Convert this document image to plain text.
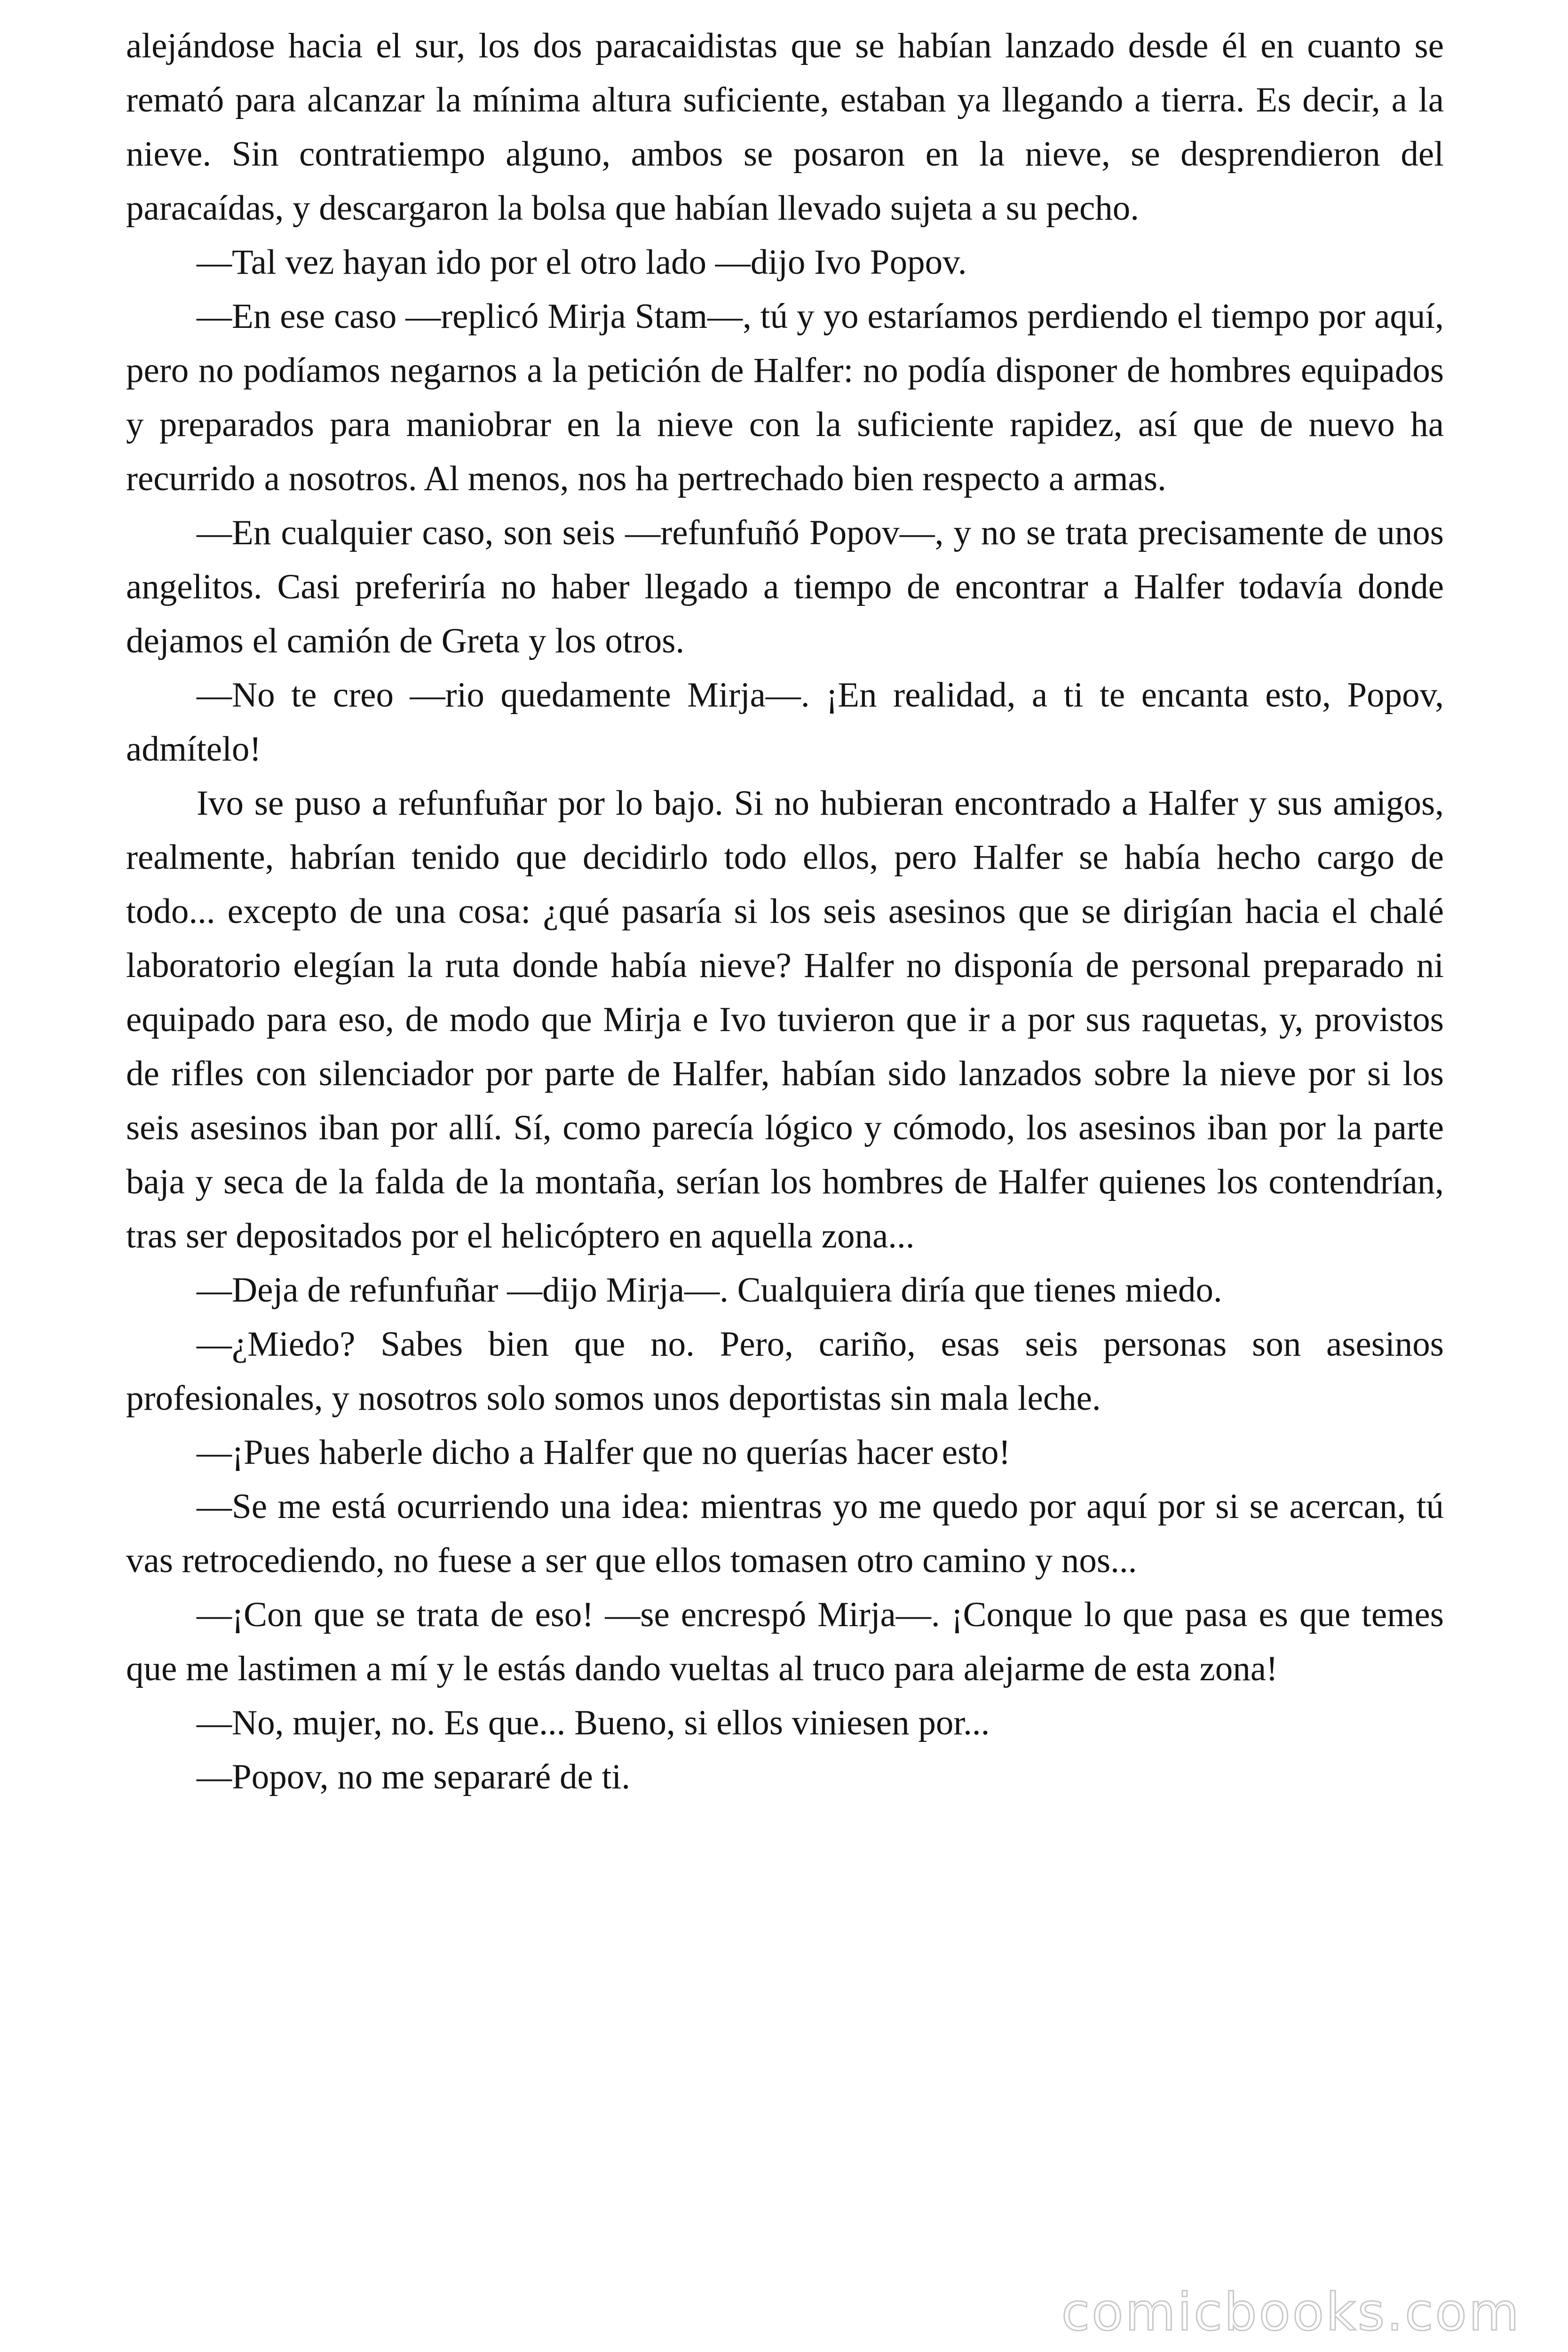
alejándose hacia el sur, los dos paracaidistas que se habían lanzado desde él en cuanto se remató para alcanzar la mínima altura suficiente, estaban ya llegando a tierra. Es decir, a la nieve. Sin contratiempo alguno, ambos se posaron en la nieve, se desprendieron del paracaídas, y descargaron la bolsa que habían llevado sujeta a su pecho.

—Tal vez hayan ido por el otro lado —dijo Ivo Popov.

—En ese caso —replicó Mirja Stam—, tú y yo estaríamos perdiendo el tiempo por aquí, pero no podíamos negarnos a la petición de Halfer: no podía disponer de hombres equipados y preparados para maniobrar en la nieve con la suficiente rapidez, así que de nuevo ha recurrido a nosotros. Al menos, nos ha pertrechado bien respecto a armas.

—En cualquier caso, son seis —refunfuñó Popov—, y no se trata precisamente de unos angelitos. Casi preferiría no haber llegado a tiempo de encontrar a Halfer todavía donde dejamos el camión de Greta y los otros.

—No te creo —rio quedamente Mirja—. ¡En realidad, a ti te encanta esto, Popov, admítelo!

Ivo se puso a refunfuñar por lo bajo. Si no hubieran encontrado a Halfer y sus amigos, realmente, habrían tenido que decidirlo todo ellos, pero Halfer se había hecho cargo de todo... excepto de una cosa: ¿qué pasaría si los seis asesinos que se dirigían hacia el chalé laboratorio elegían la ruta donde había nieve? Halfer no disponía de personal preparado ni equipado para eso, de modo que Mirja e Ivo tuvieron que ir a por sus raquetas, y, provistos de rifles con silenciador por parte de Halfer, habían sido lanzados sobre la nieve por si los seis asesinos iban por allí. Sí, como parecía lógico y cómodo, los asesinos iban por la parte baja y seca de la falda de la montaña, serían los hombres de Halfer quienes los contendrían, tras ser depositados por el helicóptero en aquella zona...

—Deja de refunfuñar —dijo Mirja—. Cualquiera diría que tienes miedo.

—¿Miedo? Sabes bien que no. Pero, cariño, esas seis personas son asesinos profesionales, y nosotros solo somos unos deportistas sin mala leche.

—¡Pues haberle dicho a Halfer que no querías hacer esto!

—Se me está ocurriendo una idea: mientras yo me quedo por aquí por si se acercan, tú vas retrocediendo, no fuese a ser que ellos tomasen otro camino y nos...

—¡Con que se trata de eso! —se encrespó Mirja—. ¡Conque lo que pasa es que temes que me lastimen a mí y le estás dando vueltas al truco para alejarme de esta zona!

—No, mujer, no. Es que... Bueno, si ellos viniesen por...

—Popov, no me separaré de ti.

comicbooks.com
